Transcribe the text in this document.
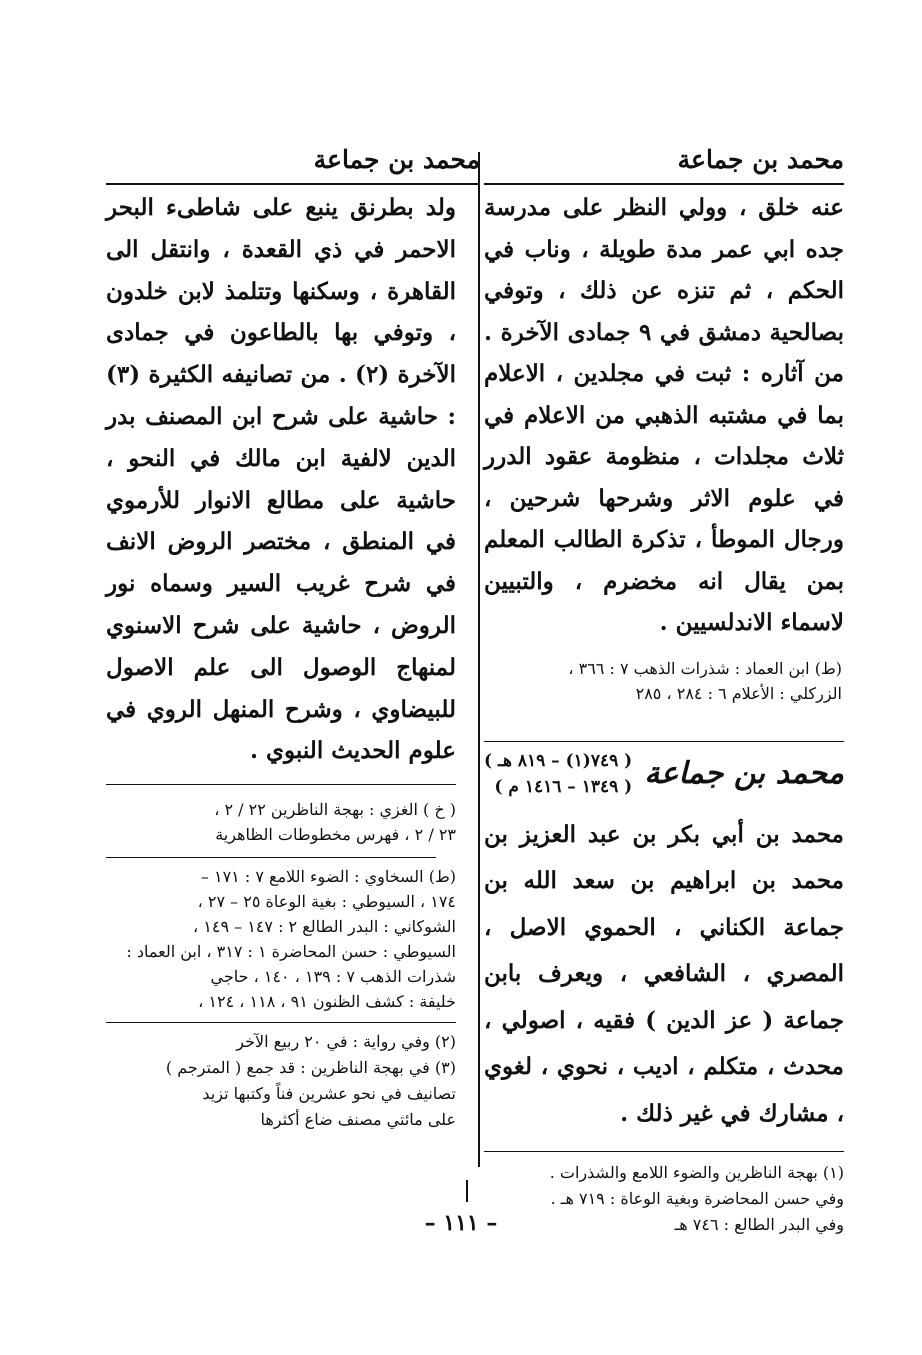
محمد بن جماعة

عنه خلق ، وولي النظر على مدرسة جده ابي عمر مدة طويلة ، وناب في الحكم ، ثم تنزه عن ذلك ، وتوفي بصالحية دمشق في ٩ جمادى الآخرة . من آثاره : ثبت في مجلدين ، الاعلام بما في مشتبه الذهبي من الاعلام في ثلاث مجلدات ، منظومة عقود الدرر في علوم الاثر وشرحها شرحين ، ورجال الموطأ ، تذكرة الطالب المعلم بمن يقال انه مخضرم ، والتبيين لاسماء الاندلسيين .

(ط) ابن العماد : شذرات الذهب ٧ : ٣٦٦ ،

الزركلي : الأعلام ٦ : ٢٨٤ ، ٢٨٥

محمد بن جماعة
( ٧٤٩(١) – ٨١٩ هـ )
( ١٣٤٩ – ١٤١٦ م )

محمد بن أبي بكر بن عبد العزيز بن محمد بن ابراهيم بن سعد الله بن جماعة الكناني ، الحموي الاصل ، المصري ، الشافعي ، ويعرف بابن جماعة ( عز الدين ) فقيه ، اصولي ، محدث ، متكلم ، اديب ، نحوي ، لغوي ، مشارك في غير ذلك .

(١) بهجة الناظرين والضوء اللامع والشذرات .

وفي حسن المحاضرة وبغية الوعاة : ٧١٩ هـ .

وفي البدر الطالع : ٧٤٦ هـ

محمد بن جماعة

ولد بطرنق ينبع على شاطىء البحر الاحمر في ذي القعدة ، وانتقل الى القاهرة ، وسكنها وتتلمذ لابن خلدون ، وتوفي بها بالطاعون في جمادى الآخرة (٢) . من تصانيفه الكثيرة (٣) : حاشية على شرح ابن المصنف بدر الدين لالفية ابن مالك في النحو ، حاشية على مطالع الانوار للأرموي في المنطق ، مختصر الروض الانف في شرح غريب السير وسماه نور الروض ، حاشية على شرح الاسنوي لمنهاج الوصول الى علم الاصول للبيضاوي ، وشرح المنهل الروي في علوم الحديث النبوي .

( خ ) الغزي : بهجة الناظرين ٢٢ / ٢ ،

٢٣ / ٢ ، فهرس مخطوطات الظاهرية

(ط) السخاوي : الضوء اللامع ٧ : ١٧١ –

١٧٤ ، السيوطي : بغية الوعاة ٢٥ – ٢٧ ،

الشوكاني : البدر الطالع ٢ : ١٤٧ – ١٤٩ ،

السيوطي : حسن المحاضرة ١ : ٣١٧ ، ابن العماد :

شذرات الذهب ٧ : ١٣٩ ، ١٤٠ ، حاجي

خليفة : كشف الظنون ٩١ ، ١١٨ ، ١٢٤ ،

(٢) وفي رواية : في ٢٠ ربيع الآخر

(٣) في بهجة الناظرين : قد جمع ( المترجم )

تصانيف في نحو عشرين فناً وكتبها تزيد

على مائتي مصنف ضاع أكثرها

– ١١١ –
